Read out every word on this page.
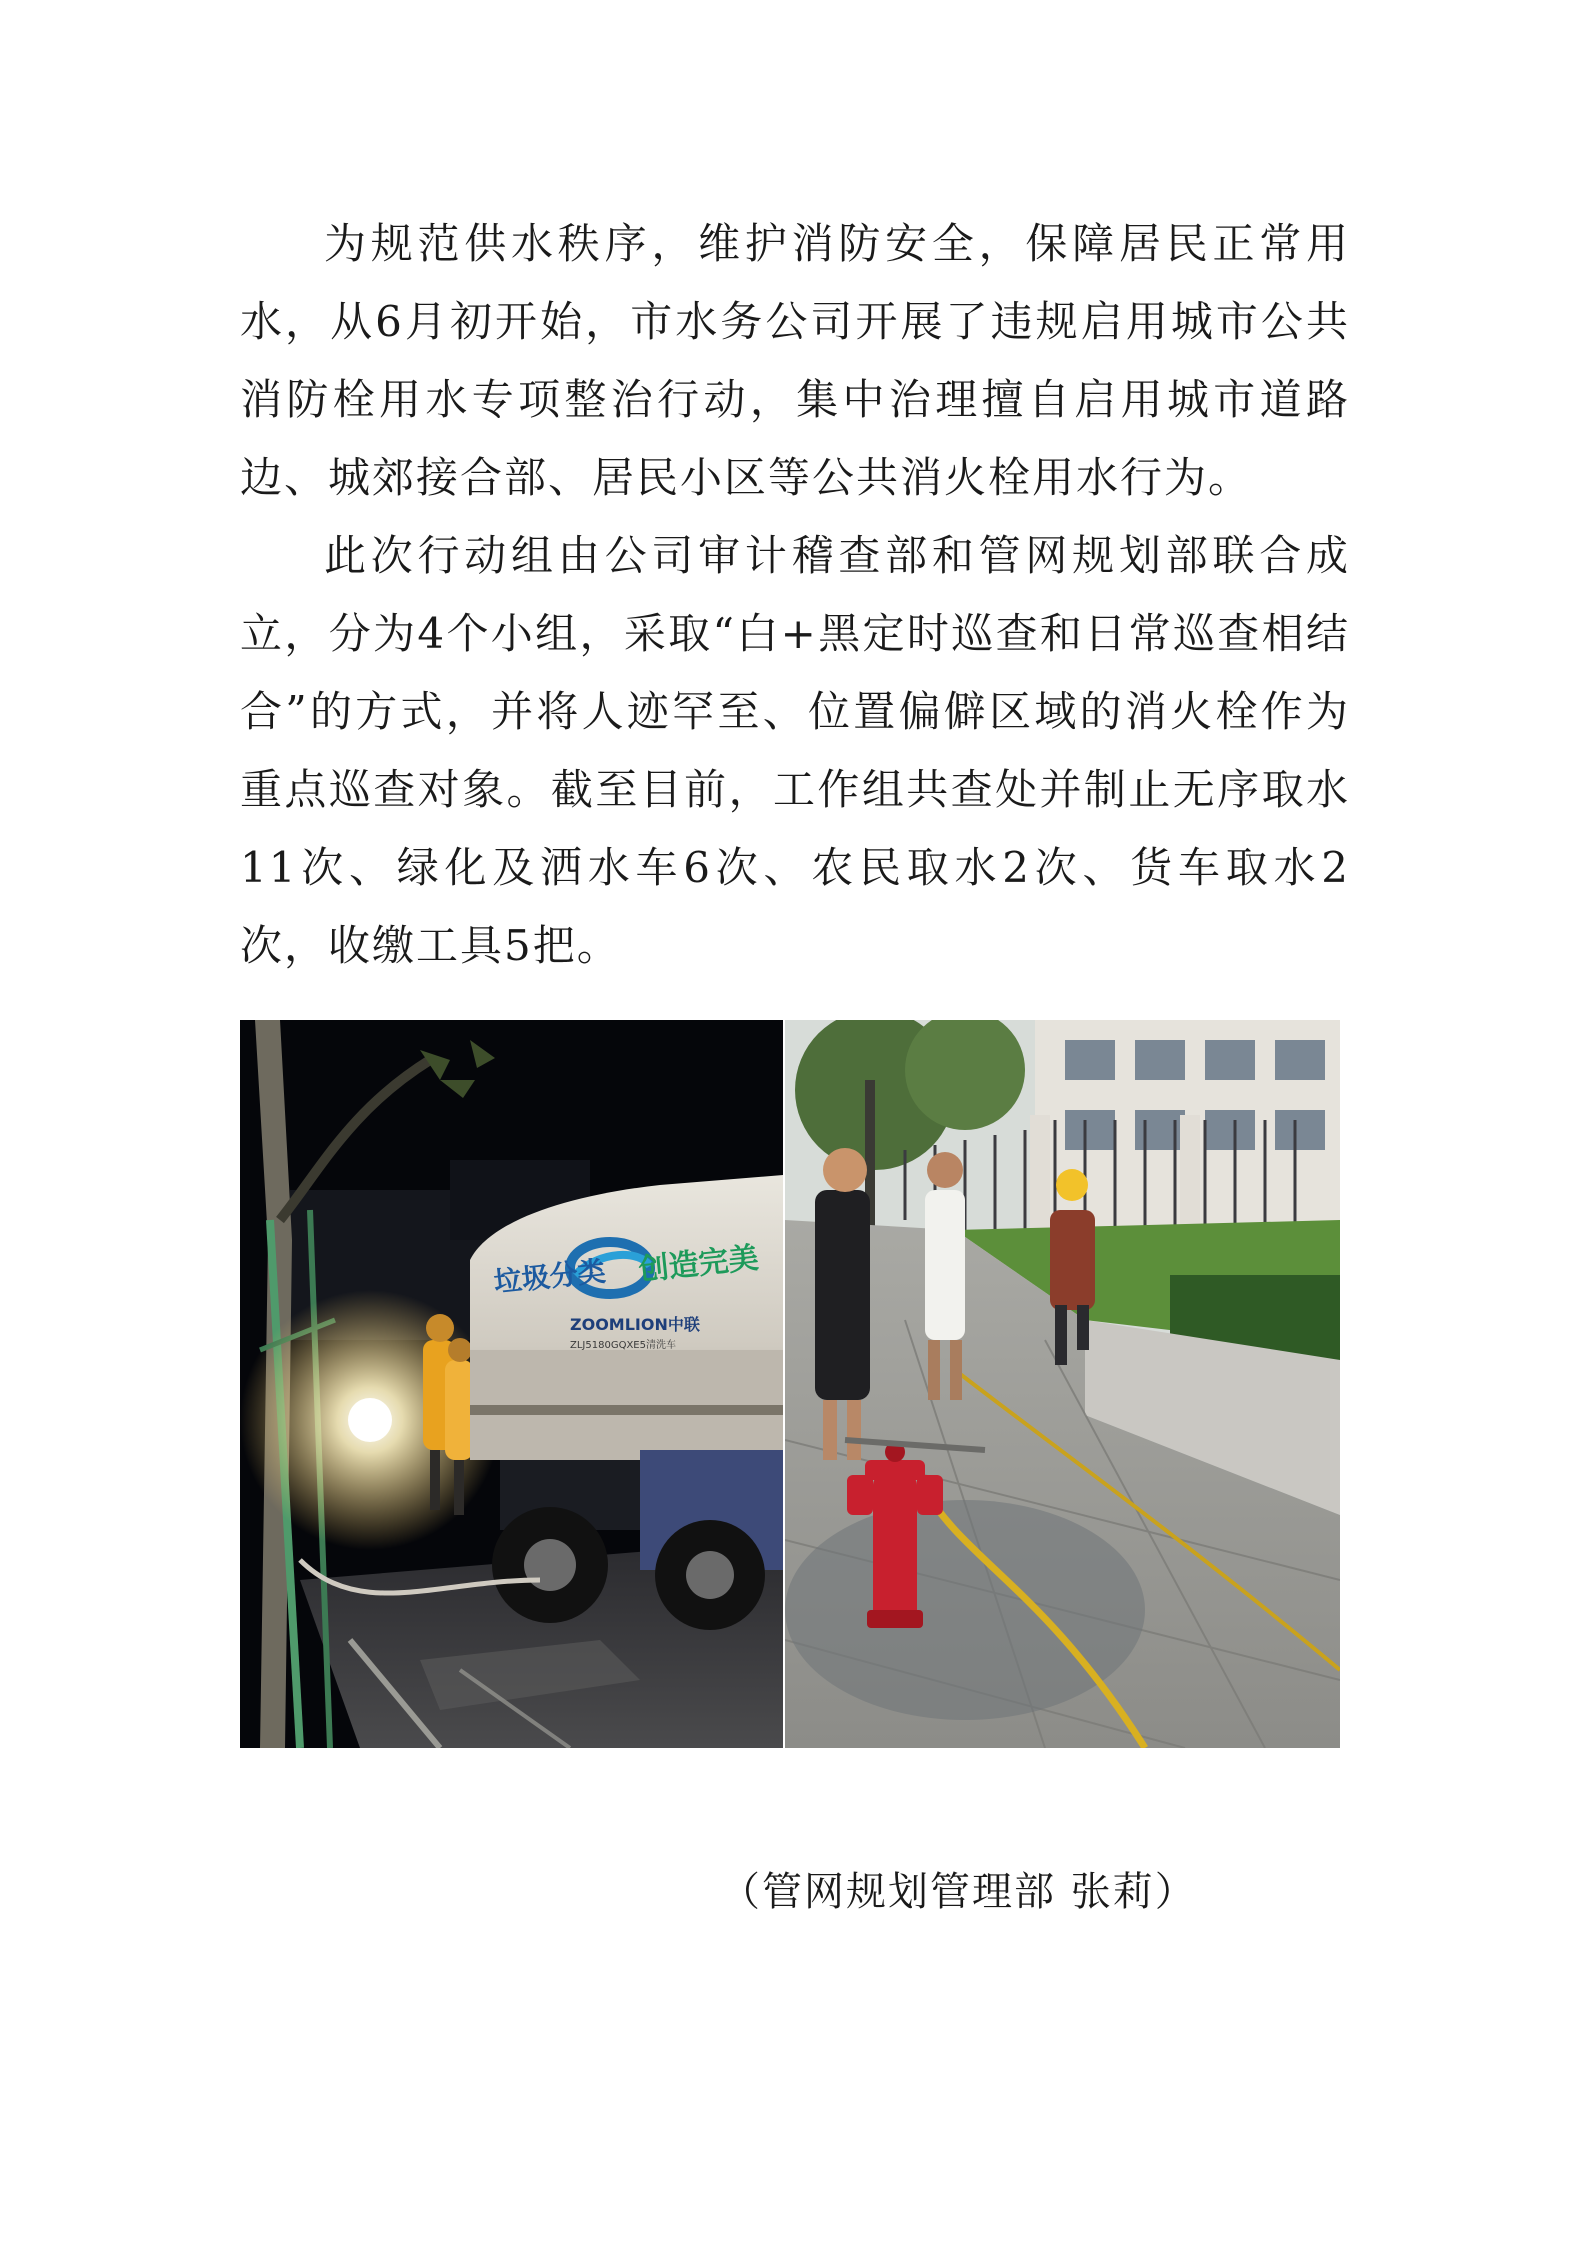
为规范供水秩序，维护消防安全，保障居民正常用水，从6月初开始，市水务公司开展了违规启用城市公共消防栓用水专项整治行动，集中治理擅自启用城市道路边、城郊接合部、居民小区等公共消火栓用水行为。

此次行动组由公司审计稽查部和管网规划部联合成立，分为4个小组，采取“白+黑定时巡查和日常巡查相结合”的方式，并将人迹罕至、位置偏僻区域的消火栓作为重点巡查对象。截至目前，工作组共查处并制止无序取水11次、绿化及洒水车6次、农民取水2次、货车取水2次，收缴工具5把。

垃圾分类 创造完美
ZOOMLION中联
ZLJ5180GQXE5清洗车
（管网规划管理部 张莉）
